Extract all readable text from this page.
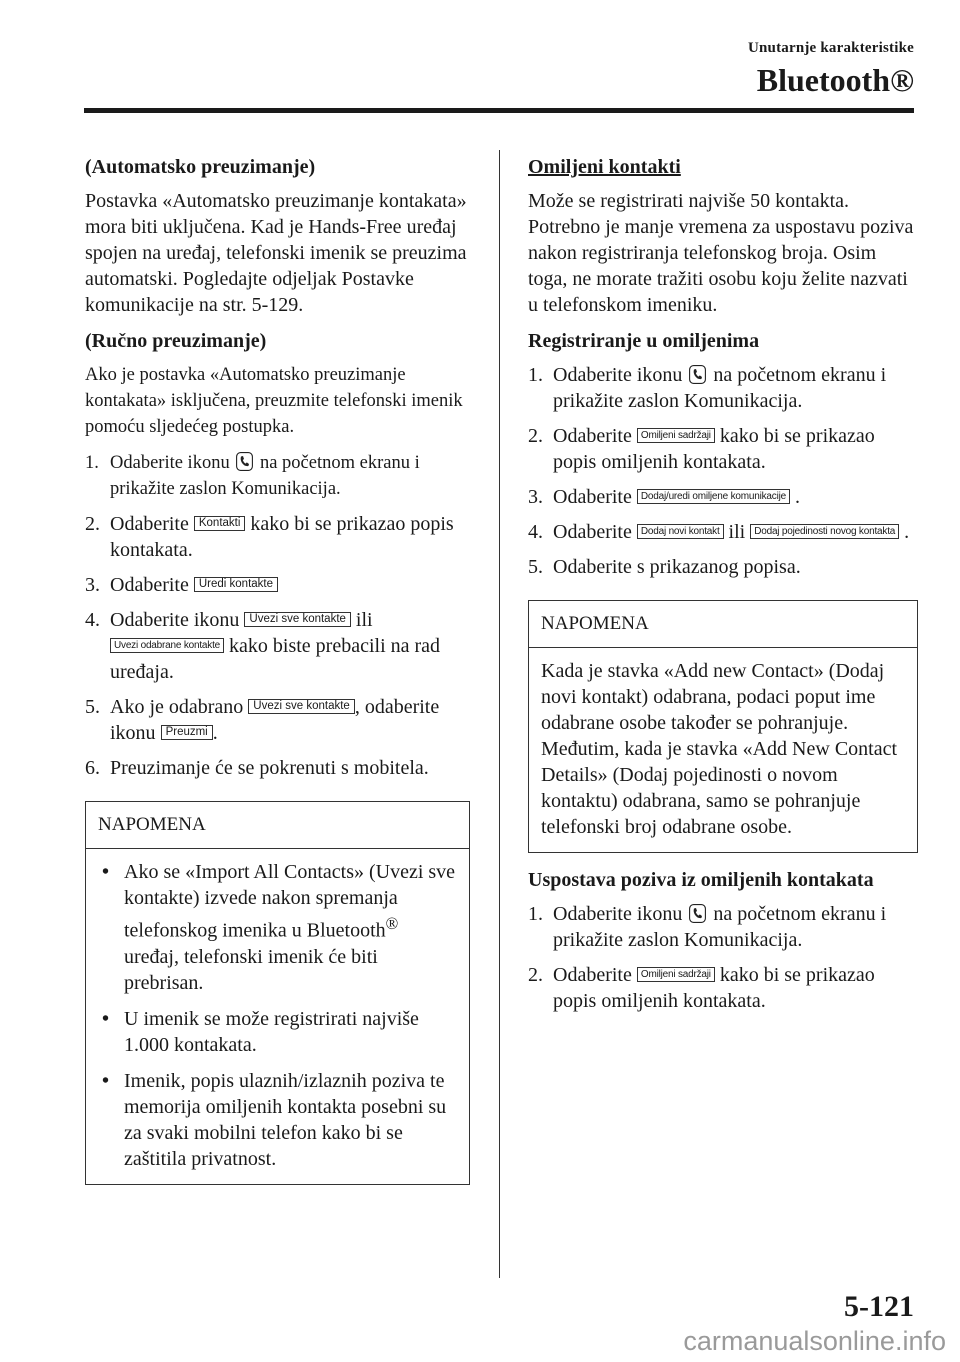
Unutarnje karakteristike
Bluetooth®

(Automatsko preuzimanje)

Postavka «Automatsko preuzimanje kontakata» mora biti uključena. Kad je Hands-Free uređaj spojen na uređaj, telefonski imenik se preuzima automatski. Pogledajte odjeljak Postavke komunikacije na str. 5-129.

(Ručno preuzimanje)

Ako je postavka «Automatsko preuzimanje kontakata» isključena, preuzmite telefonski imenik pomoću sljedećeg postupka.

1. Odaberite ikonu na početnom ekranu i prikažite zaslon Komunikacija.
2. Odaberite Kontakti kako bi se prikazao popis kontakata.
3. Odaberite Uredi kontakte
4. Odaberite ikonu Uvezi sve kontakte ili Uvezi odabrane kontakte kako biste prebacili na rad uređaja.
5. Ako je odabrano Uvezi sve kontakte , odaberite ikonu Preuzmi .
6. Preuzimanje će se pokrenuti s mobitela.
NAPOMENA
• Ako se «Import All Contacts» (Uvezi sve kontakte) izvede nakon spremanja telefonskog imenika u Bluetooth® uređaj, telefonski imenik će biti prebrisan.
• U imenik se može registrirati najviše 1.000 kontakata.
• Imenik, popis ulaznih/izlaznih poziva te memorija omiljenih kontakta posebni su za svaki mobilni telefon kako bi se zaštitila privatnost.

Omiljeni kontakti

Može se registrirati najviše 50 kontakta. Potrebno je manje vremena za uspostavu poziva nakon registriranja telefonskog broja. Osim toga, ne morate tražiti osobu koju želite nazvati u telefonskom imeniku.

Registriranje u omiljenima

1. Odaberite ikonu na početnom ekranu i prikažite zaslon Komunikacija.
2. Odaberite Omiljeni sadržaji kako bi se prikazao popis omiljenih kontakata.
3. Odaberite Dodaj/uredi omiljene komunikacije .
4. Odaberite Dodaj novi kontakt ili Dodaj pojedinosti novog kontakta .
5. Odaberite s prikazanog popisa.
NAPOMENA
Kada je stavka «Add new Contact» (Dodaj novi kontakt) odabrana, podaci poput ime odabrane osobe također se pohranjuje. Međutim, kada je stavka «Add New Contact Details» (Dodaj pojedinosti o novom kontaktu) odabrana, samo se pohranjuje telefonski broj odabrane osobe.

Uspostava poziva iz omiljenih kontakata

1. Odaberite ikonu na početnom ekranu i prikažite zaslon Komunikacija.
2. Odaberite Omiljeni sadržaji kako bi se prikazao popis omiljenih kontakata.
5-121
carmanualsonline.info
